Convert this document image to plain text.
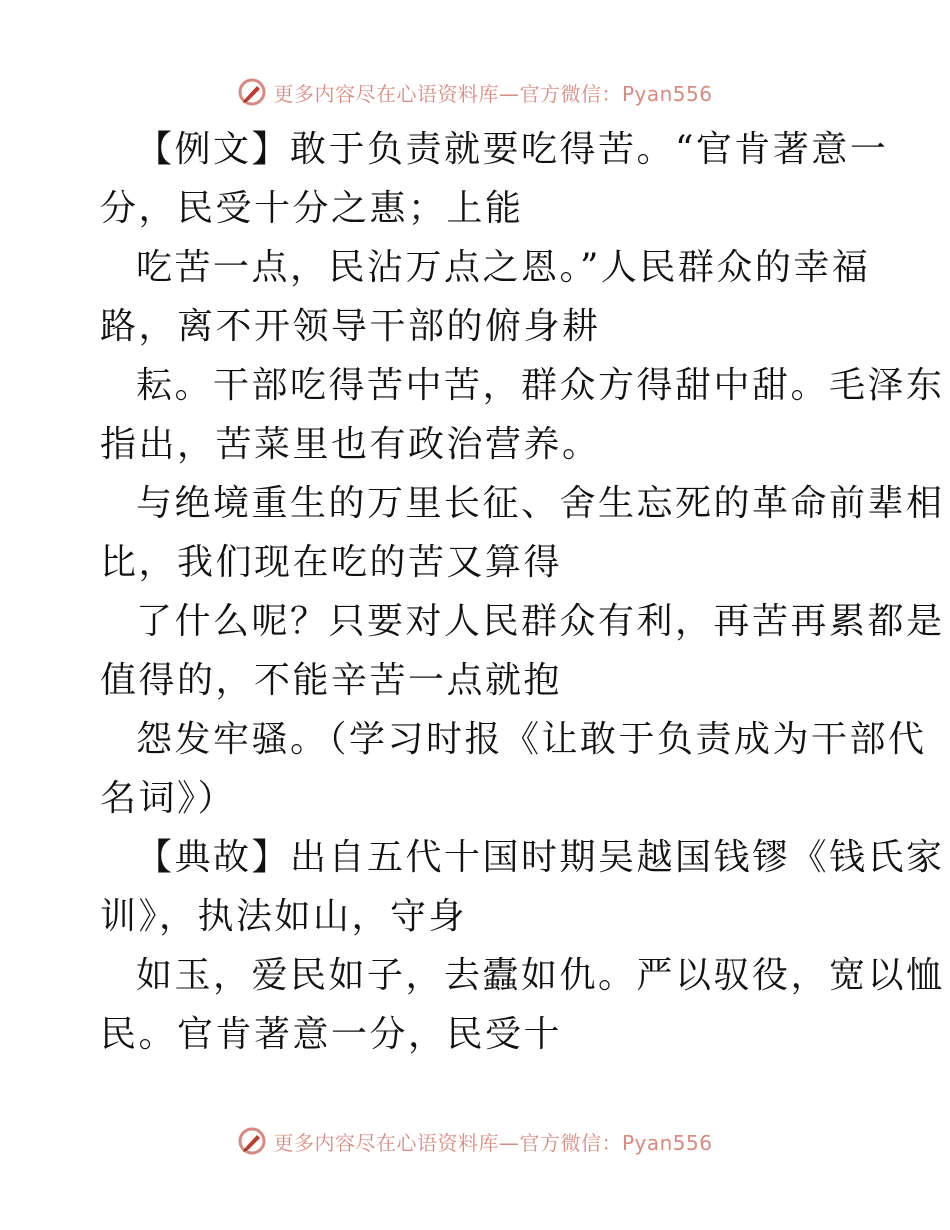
更多内容尽在心语资料库—官方微信：Pyan556
【例文】敢于负责就要吃得苦。“官肯著意一
分，民受十分之惠；上能
吃苦一点，民沾万点之恩。”人民群众的幸福
路，离不开领导干部的俯身耕
耘。干部吃得苦中苦，群众方得甜中甜。毛泽东
指出，苦菜里也有政治营养。
与绝境重生的万里长征、舍生忘死的革命前辈相
比，我们现在吃的苦又算得
了什么呢？只要对人民群众有利，再苦再累都是
值得的，不能辛苦一点就抱
怨发牢骚。（学习时报《让敢于负责成为干部代
名词》）
【典故】出自五代十国时期吴越国钱镠《钱氏家
训》，执法如山，守身
如玉，爱民如子，去蠹如仇。严以驭役，宽以恤
民。官肯著意一分，民受十
更多内容尽在心语资料库—官方微信：Pyan556
